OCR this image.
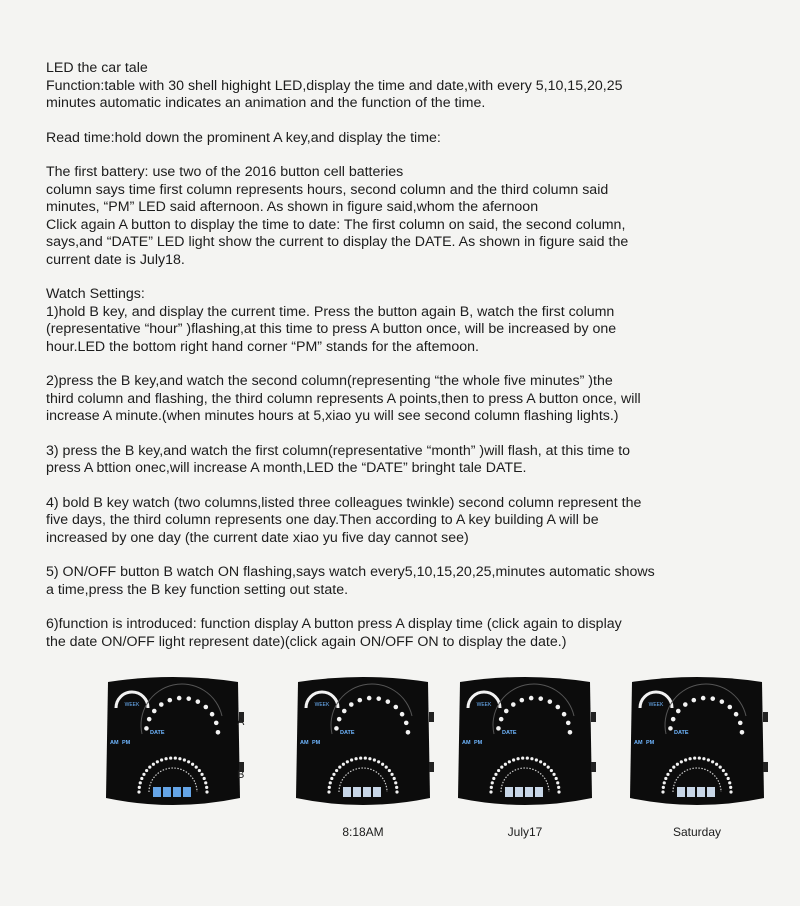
LED the car tale
Function:table with 30 shell highight LED,display the time and date,with every 5,10,15,20,25
minutes automatic indicates an animation and the function of the time.

Read time:hold down the prominent A key,and display the time:

The first battery: use two of the 2016 button cell batteries
column says time first column represents hours, second column and the third column said
minutes, “PM” LED said afternoon. As shown in figure said,whom the afernoon
Click again A button to display the time to date: The first column on said, the second column,
says,and “DATE” LED light show the current to display the DATE. As shown in figure said the
current date is July18.

Watch Settings:
1)hold B key, and display the current time. Press the button again B, watch the first column
(representative “hour” )flashing,at this time to press A button once, will be increased by one
hour.LED the bottom right hand corner “PM” stands for the aftemoon.

2)press the B key,and watch the second column(representing “the whole five minutes” )the
third column and flashing, the third column represents A points,then to press A button once, will
increase A minute.(when minutes hours at 5,xiao yu will see second column flashing lights.)

3) press the B key,and watch the first column(representative “month” )will flash, at this time to
press A bttion onec,will increase A month,LED the “DATE” bringht tale DATE.

4) bold B key watch (two columns,listed three colleagues twinkle) second column represent the
five days, the third column represents one day.Then according to A key building A will be
increased by one day (the current date xiao yu five day cannot see)

5) ON/OFF button B watch ON flashing,says watch every5,10,15,20,25,minutes automatic shows
a time,press the B key function setting out state.

6)function is introduced: function display A button press A display time (click again to display
the date ON/OFF light represent date)(click again ON/OFF ON to display the date.)

WEEK
AM PM
DATE
WEEK
AM PM
DATE
WEEK
AM PM
DATE
WEEK
AM PM
DATE
A
B
8:18AM	July17	Saturday
